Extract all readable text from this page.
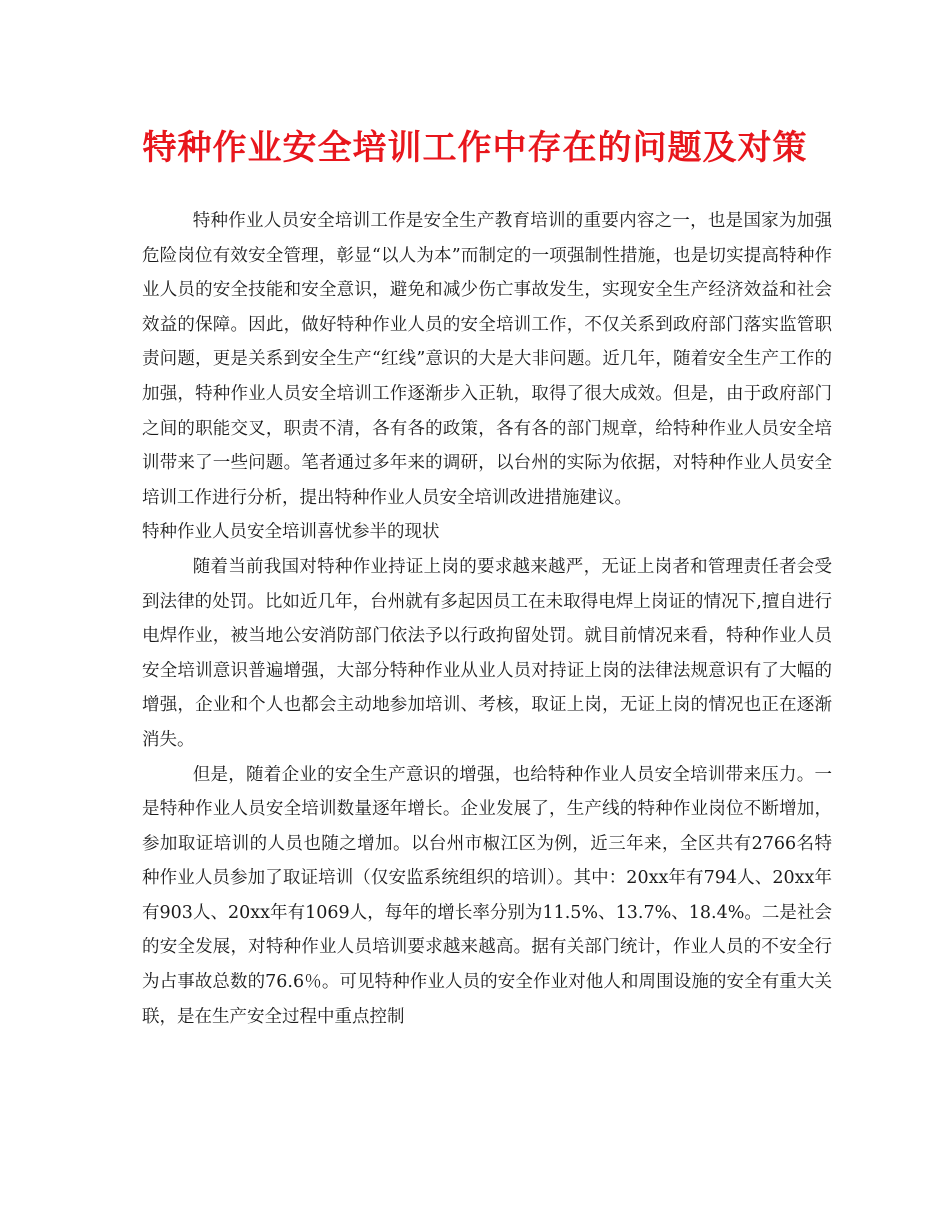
特种作业安全培训工作中存在的问题及对策

特种作业人员安全培训工作是安全生产教育培训的重要内容之一，也是国家为加强危险岗位有效安全管理，彰显“以人为本”而制定的一项强制性措施，也是切实提高特种作业人员的安全技能和安全意识，避免和减少伤亡事故发生，实现安全生产经济效益和社会效益的保障。因此，做好特种作业人员的安全培训工作，不仅关系到政府部门落实监管职责问题，更是关系到安全生产“红线”意识的大是大非问题。近几年，随着安全生产工作的加强，特种作业人员安全培训工作逐渐步入正轨，取得了很大成效。但是，由于政府部门之间的职能交叉，职责不清，各有各的政策，各有各的部门规章，给特种作业人员安全培训带来了一些问题。笔者通过多年来的调研，以台州的实际为依据，对特种作业人员安全培训工作进行分析，提出特种作业人员安全培训改进措施建议。

特种作业人员安全培训喜忧参半的现状

随着当前我国对特种作业持证上岗的要求越来越严，无证上岗者和管理责任者会受到法律的处罚。比如近几年，台州就有多起因员工在未取得电焊上岗证的情况下,擅自进行电焊作业，被当地公安消防部门依法予以行政拘留处罚。就目前情况来看，特种作业人员安全培训意识普遍增强，大部分特种作业从业人员对持证上岗的法律法规意识有了大幅的增强，企业和个人也都会主动地参加培训、考核，取证上岗，无证上岗的情况也正在逐渐消失。

但是，随着企业的安全生产意识的增强，也给特种作业人员安全培训带来压力。一是特种作业人员安全培训数量逐年增长。企业发展了，生产线的特种作业岗位不断增加，参加取证培训的人员也随之增加。以台州市椒江区为例，近三年来，全区共有2766名特种作业人员参加了取证培训（仅安监系统组织的培训）。其中：20xx年有794人、20xx年有903人、20xx年有1069人，每年的增长率分别为11.5%、13.7%、18.4%。二是社会的安全发展，对特种作业人员培训要求越来越高。据有关部门统计，作业人员的不安全行为占事故总数的76.6％。可见特种作业人员的安全作业对他人和周围设施的安全有重大关联，是在生产安全过程中重点控制
